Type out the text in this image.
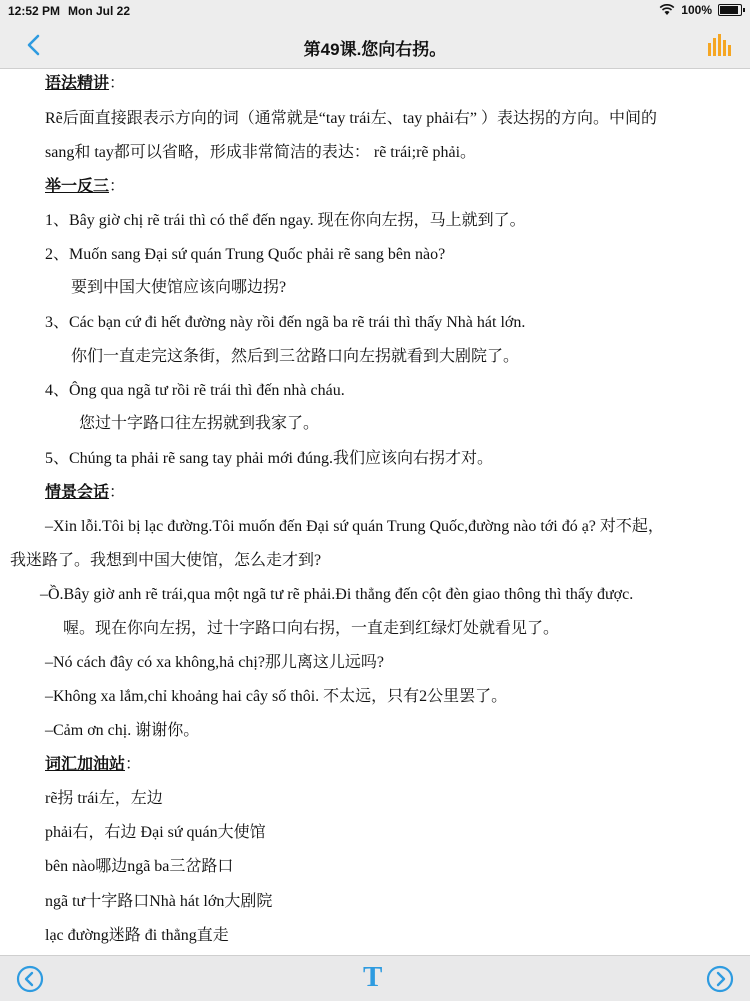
12:52 PM Mon Jul 22	100%
第49课.您向右拐。
语法精讲：
Rẽ后面直接跟表示方向的词（通常就是“tay trái左、tay phải右” ）表达拐的方向。中间的
sang和 tay都可以省略，形成非常简洁的表达： rẽ trái;rẽ phải。
举一反三：
1、Bây giờ chị rẽ trái thì có thể đến ngay. 现在你向左拐，马上就到了。
2、Muốn sang Đại sứ quán Trung Quốc phải rẽ sang bên nào?
要到中国大使馆应该向哪边拐?
3、Các bạn cứ đi hết đường này rồi đến ngã ba rẽ trái thì thấy Nhà hát lớn.
你们一直走完这条街，然后到三岔路口向左拐就看到大剧院了。
4、Ông qua ngã tư rồi rẽ trái thì đến nhà cháu.
您过十字路口往左拐就到我家了。
5、Chúng ta phải rẽ sang tay phải mới đúng.我们应该向右拐才对。
情景会话：
–Xin lỗi.Tôi bị lạc đường.Tôi muốn đến Đại sứ quán Trung Quốc,đường nào tới đó ạ? 对不起，
我迷路了。我想到中国大使馆，怎么走才到?
–Ồ.Bây giờ anh rẽ trái,qua một ngã tư rẽ phải.Đi thẳng đến cột đèn giao thông thì thấy được.
喔。现在你向左拐，过十字路口向右拐，一直走到红绿灯处就看见了。
–Nó cách đây có xa không,hả chị?那儿离这儿远吗?
–Không xa lắm,chỉ khoảng hai cây số thôi. 不太远，只有2公里罢了。
–Cảm ơn chị. 谢谢你。
词汇加油站：
rẽ拐 trái左，左边
phải右，右边 Đại sứ quán大使馆
bên nào哪边ngã ba三岔路口
ngã tư十字路口Nhà hát lớn大剧院
lạc đường迷路 đi thẳng直走
T
